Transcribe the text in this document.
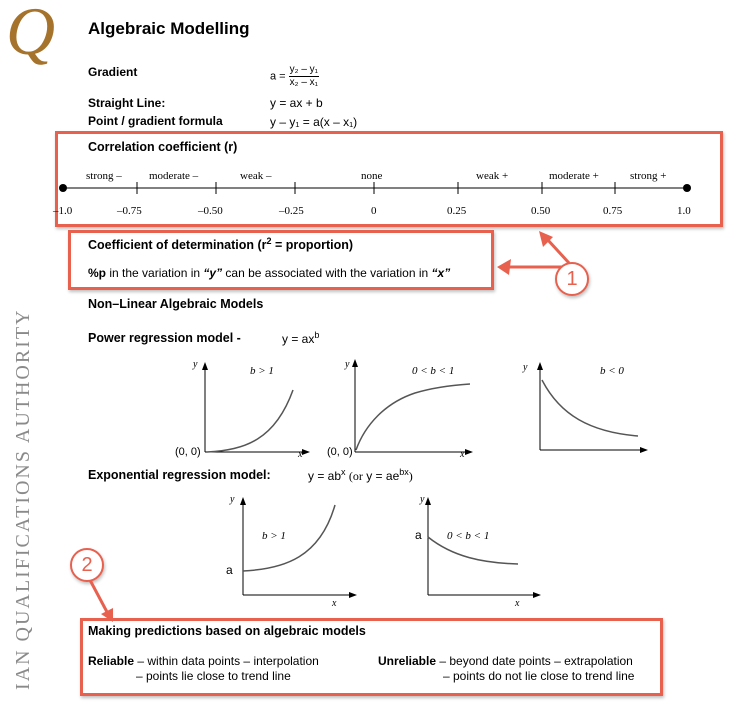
Q
IAN QUALIFICATIONS AUTHORITY
Algebraic Modelling
Gradient	$a = \frac{\text{y₂ – y₁}}{\text{x₂ – x₁}}$
Straight Line:	y = ax + b
Point / gradient formula	y – y₁ = a(x – x₁)
Correlation coefficient (r)
strong – moderate –	weak –	none	weak +	moderate +	strong +
–1.0	–0.75	–0.50	–0.25	0	0.25	0.50	0.75	1.0
Coefficient of determination ($r^2$ = proportion)
%p in the variation in “y” can be associated with the variation in “x”	1
Non–Linear Algebraic Models
Power regression model -	$y = ax^b$
y
b > 1
(0, 0)	x
y
0 < b < 1
(0, 0)	x
y	b < 0
Exponential regression model:	$y = ab^x$ (or $y = ae^{bx}$)
y
b > 1
a
x
y
0 < b < 1
a
x
2
Making predictions based on algebraic models
Reliable – within data points – interpolation
– points lie close to trend line
Unreliable – beyond date points – extrapolation
– points do not lie close to trend line
